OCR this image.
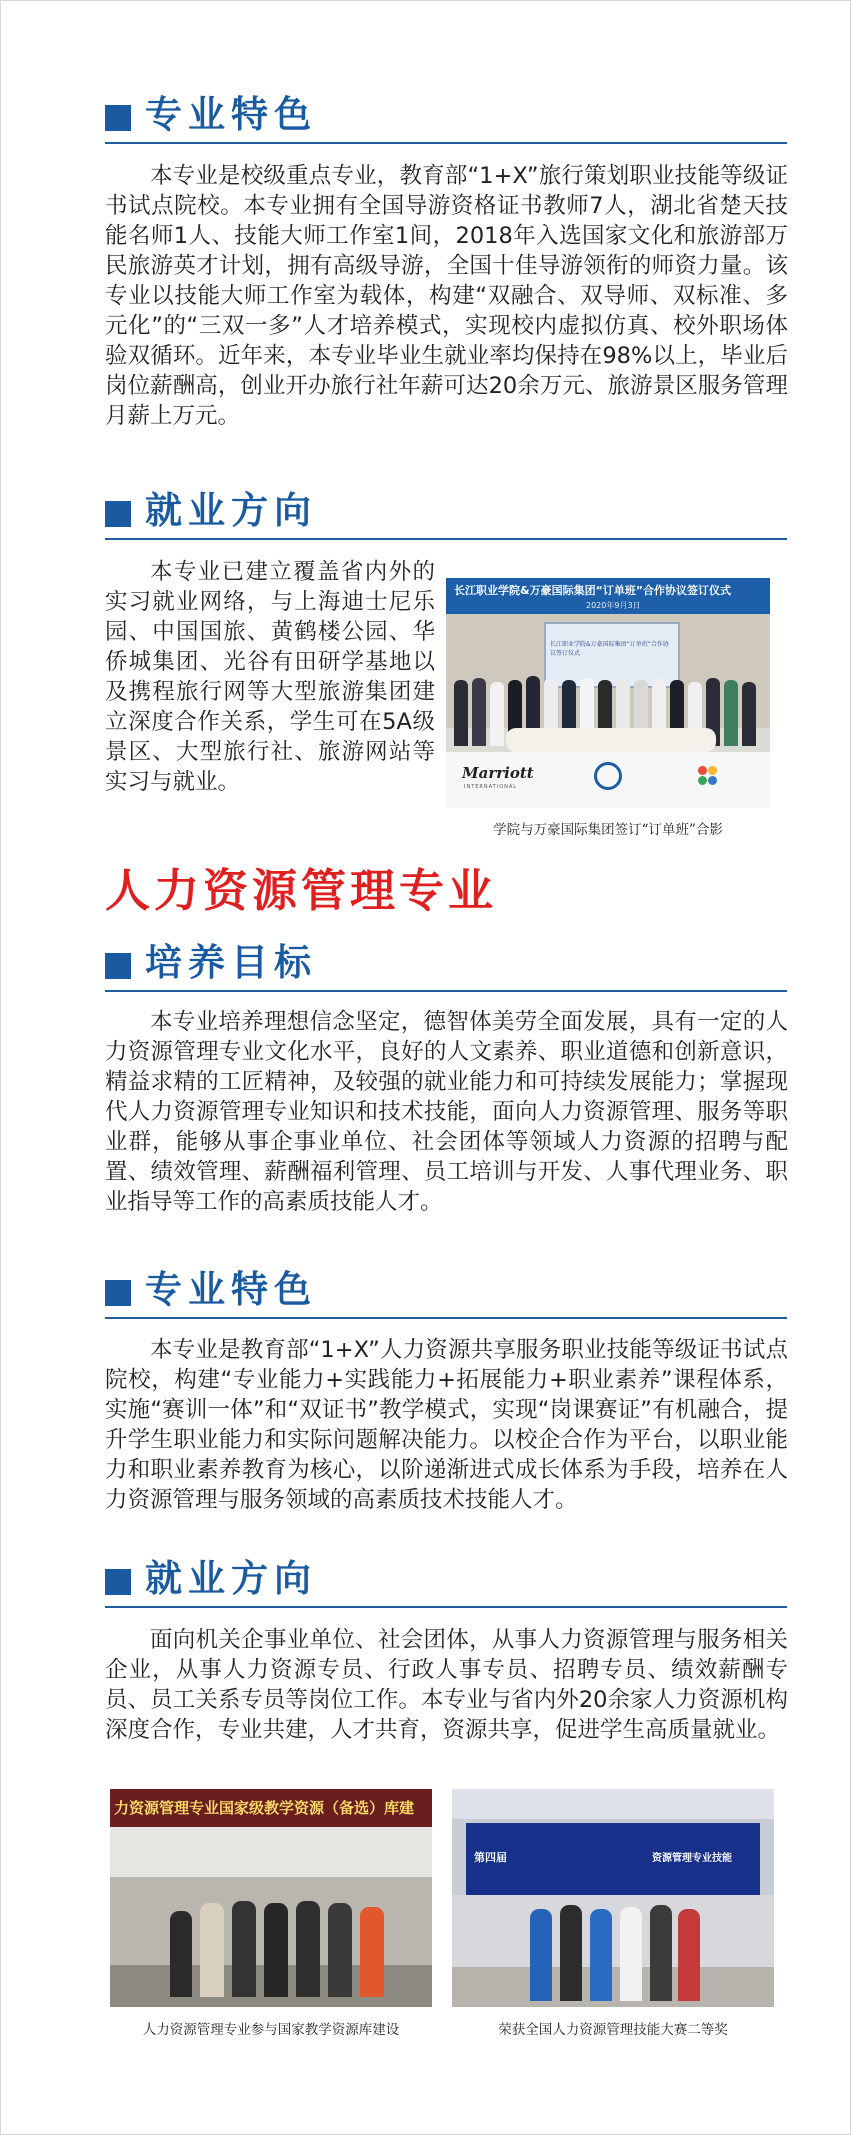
专业特色

本专业是校级重点专业，教育部“1+X”旅行策划职业技能等级证书试点院校。本专业拥有全国导游资格证书教师7人，湖北省楚天技能名师1人、技能大师工作室1间，2018年入选国家文化和旅游部万民旅游英才计划，拥有高级导游，全国十佳导游领衔的师资力量。该专业以技能大师工作室为载体，构建“双融合、双导师、双标准、多元化”的“三双一多”人才培养模式，实现校内虚拟仿真、校外职场体验双循环。近年来，本专业毕业生就业率均保持在98%以上，毕业后岗位薪酬高，创业开办旅行社年薪可达20余万元、旅游景区服务管理月薪上万元。

就业方向

本专业已建立覆盖省内外的实习就业网络，与上海迪士尼乐园、中国国旅、黄鹤楼公园、华侨城集团、光谷有田研学基地以及携程旅行网等大型旅游集团建立深度合作关系，学生可在5A级景区、大型旅行社、旅游网站等实习与就业。

长江职业学院&万豪国际集团“订单班”合作协议签订仪式
2020年9月3日
长江职业学院&万豪国际集团“订单班”合作协议签订仪式
Marriott
INTERNATIONAL
学院与万豪国际集团签订“订单班”合影
人力资源管理专业
培养目标

本专业培养理想信念坚定，德智体美劳全面发展，具有一定的人力资源管理专业文化水平，良好的人文素养、职业道德和创新意识，精益求精的工匠精神，及较强的就业能力和可持续发展能力；掌握现代人力资源管理专业知识和技术技能，面向人力资源管理、服务等职业群，能够从事企事业单位、社会团体等领域人力资源的招聘与配置、绩效管理、薪酬福利管理、员工培训与开发、人事代理业务、职业指导等工作的高素质技能人才。

专业特色

本专业是教育部“1+X”人力资源共享服务职业技能等级证书试点院校，构建“专业能力+实践能力+拓展能力+职业素养”课程体系，实施“赛训一体”和“双证书”教学模式，实现“岗课赛证”有机融合，提升学生职业能力和实际问题解决能力。以校企合作为平台，以职业能力和职业素养教育为核心，以阶递渐进式成长体系为手段，培养在人力资源管理与服务领域的高素质技术技能人才。

就业方向

面向机关企事业单位、社会团体，从事人力资源管理与服务相关企业，从事人力资源专员、行政人事专员、招聘专员、绩效薪酬专员、员工关系专员等岗位工作。本专业与省内外20余家人力资源机构深度合作，专业共建，人才共育，资源共享，促进学生高质量就业。

力资源管理专业国家级教学资源（备选）库建
人力资源管理专业参与国家教学资源库建设
第四届	资源管理专业技能
荣获全国人力资源管理技能大赛二等奖
